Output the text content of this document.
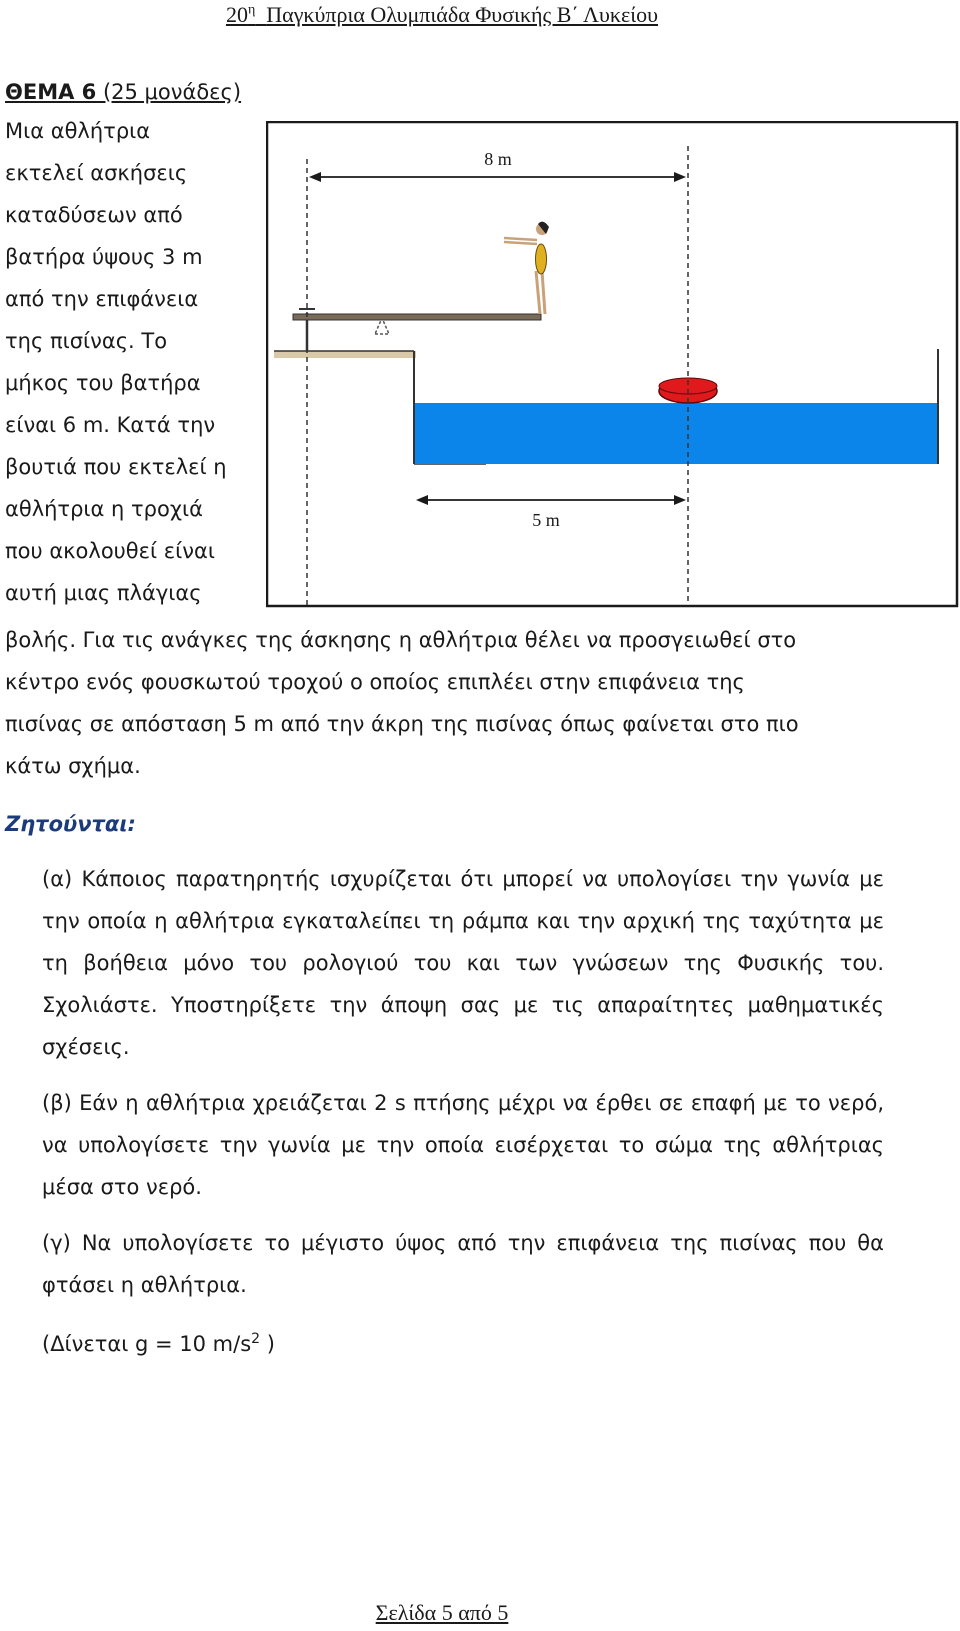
$20^\eta$ Παγκύπρια Ολυμπιάδα Φυσικής Β΄ Λυκείου
ΘΕΜΑ 6 (25 μονάδες)
Μια αθλήτρια
εκτελεί ασκήσεις
καταδύσεων από
βατήρα ύψους 3 m
από την επιφάνεια
της πισίνας. Το
μήκος του βατήρα
είναι 6 m. Κατά την
βουτιά που εκτελεί η
αθλήτρια η τροχιά
που ακολουθεί είναι
αυτή μιας πλάγιας
βολής. Για τις ανάγκες της άσκησης η αθλήτρια θέλει να προσγειωθεί στο
κέντρο ενός φουσκωτού τροχού ο οποίος επιπλέει στην επιφάνεια της
πισίνας σε απόσταση 5 m από την άκρη της πισίνας όπως φαίνεται στο πιο
κάτω σχήμα.
Ζητούνται:
(α) Κάποιος παρατηρητής ισχυρίζεται ότι μπορεί να υπολογίσει την γωνία με την οποία η αθλήτρια εγκαταλείπει τη ράμπα και την αρχική της ταχύτητα με τη βοήθεια μόνο του ρολογιού του και των γνώσεων της Φυσικής του. Σχολιάστε. Υποστηρίξετε την άποψη σας με τις απαραίτητες μαθηματικές σχέσεις.
(β) Εάν η αθλήτρια χρειάζεται 2 s πτήσης μέχρι να έρθει σε επαφή με το νερό, να υπολογίσετε την γωνία με την οποία εισέρχεται το σώμα της αθλήτριας μέσα στο νερό.
(γ) Να υπολογίσετε το μέγιστο ύψος από την επιφάνεια της πισίνας που θα φτάσει η αθλήτρια.
(Δίνεται g = 10 $m/s^2$ )
8 m
5 m
Σελίδα 5 από 5
